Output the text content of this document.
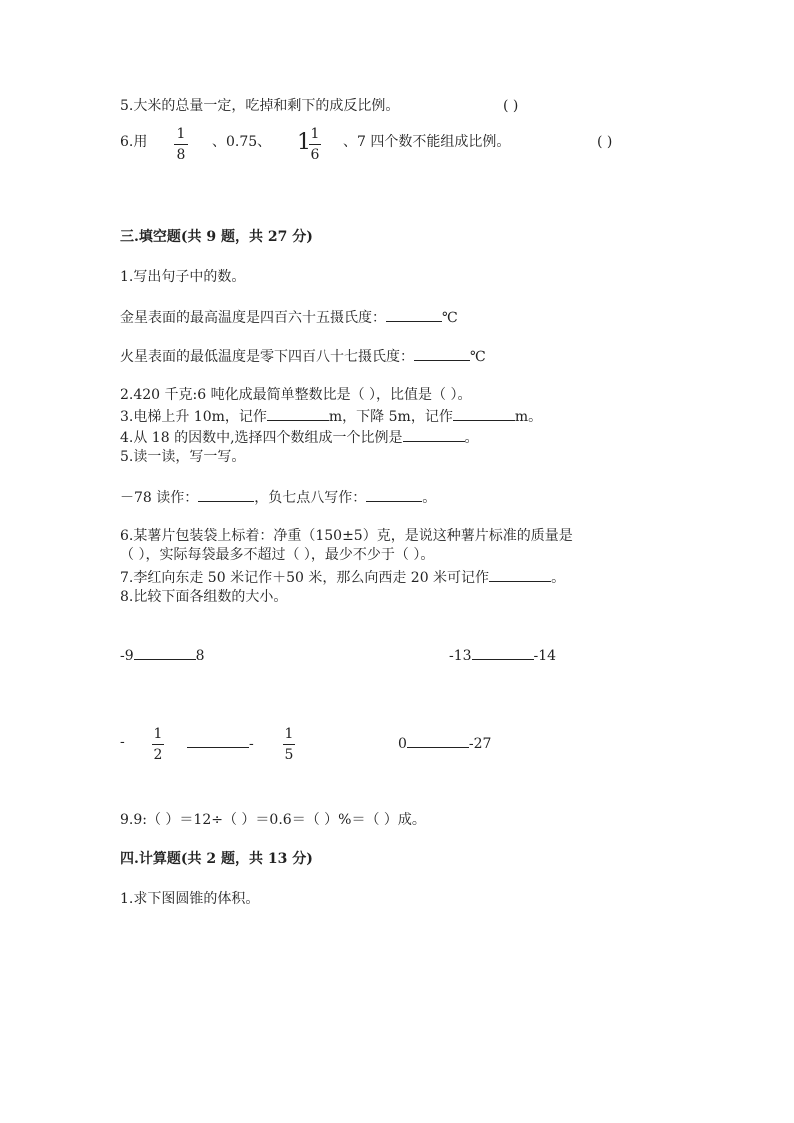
5.大米的总量一定，吃掉和剩下的成反比例。	( )
6.用 1
8
、0.75、 1 1
6
、7 四个数不能组成比例。	( )
三.填空题(共 9 题，共 27 分)
1.写出句子中的数。
金星表面的最高温度是四百六十五摄氏度：	℃
火星表面的最低温度是零下四百八十七摄氏度：	℃
2.420 千克:6 吨化成最简单整数比是（ ），比值是（ ）。
3.电梯上升 10m，记作	m，下降 5m，记作	m。
4.从 18 的因数中,选择四个数组成一个比例是	。
5.读一读，写一写。
－78 读作：	，负七点八写作：	。
6.某薯片包装袋上标着：净重（150±5）克，是说这种薯片标准的质量是
（ ），实际每袋最多不超过（ ），最少不少于（ ）。
7.李红向东走 50 米记作＋50 米，那么向西走 20 米可记作	。
8.比较下面各组数的大小。
-9	8	-13	-14
- 1
2
-
1
5
0	-27
9.9:（ ）＝12÷（ ）＝0.6＝（ ）%＝（ ）成。
四.计算题(共 2 题，共 13 分)
1.求下图圆锥的体积。
